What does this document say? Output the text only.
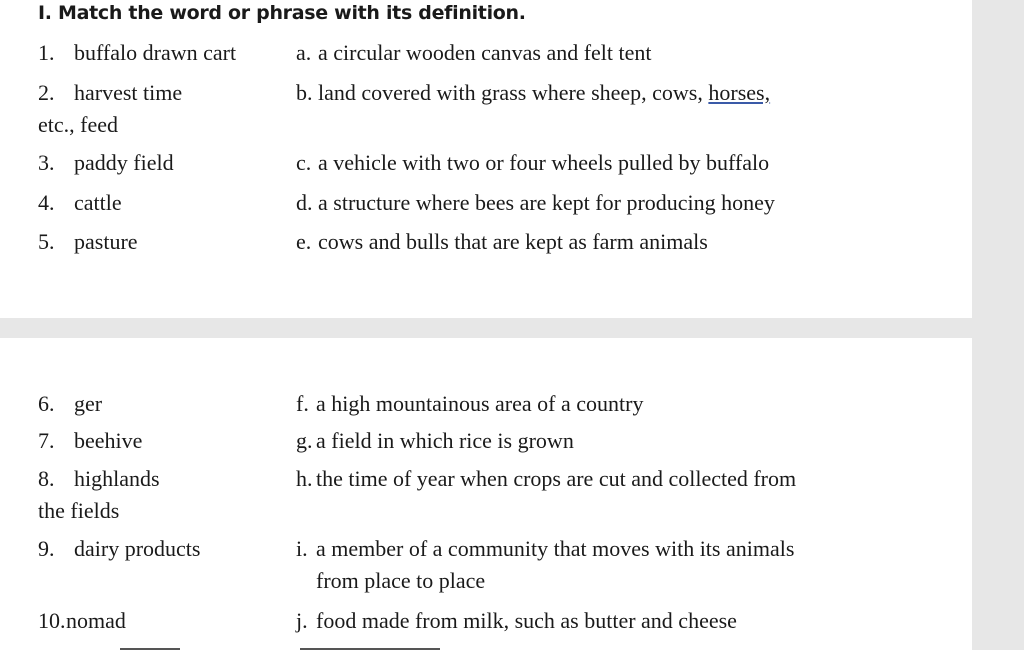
I. Match the word or phrase with its definition.
1. buffalo drawn cart	a. a circular wooden canvas and felt tent
2. harvest time	b. land covered with grass where sheep, cows, horses,
etc., feed
3. paddy field	c. a vehicle with two or four wheels pulled by buffalo
4. cattle	d. a structure where bees are kept for producing honey
5. pasture	e. cows and bulls that are kept as farm animals
6. ger	f. a high mountainous area of a country
7. beehive	g. a field in which rice is grown
8. highlands	h. the time of year when crops are cut and collected from
the fields
9. dairy products	i. a member of a community that moves with its animals
from place to place
10. nomad	j. food made from milk, such as butter and cheese
